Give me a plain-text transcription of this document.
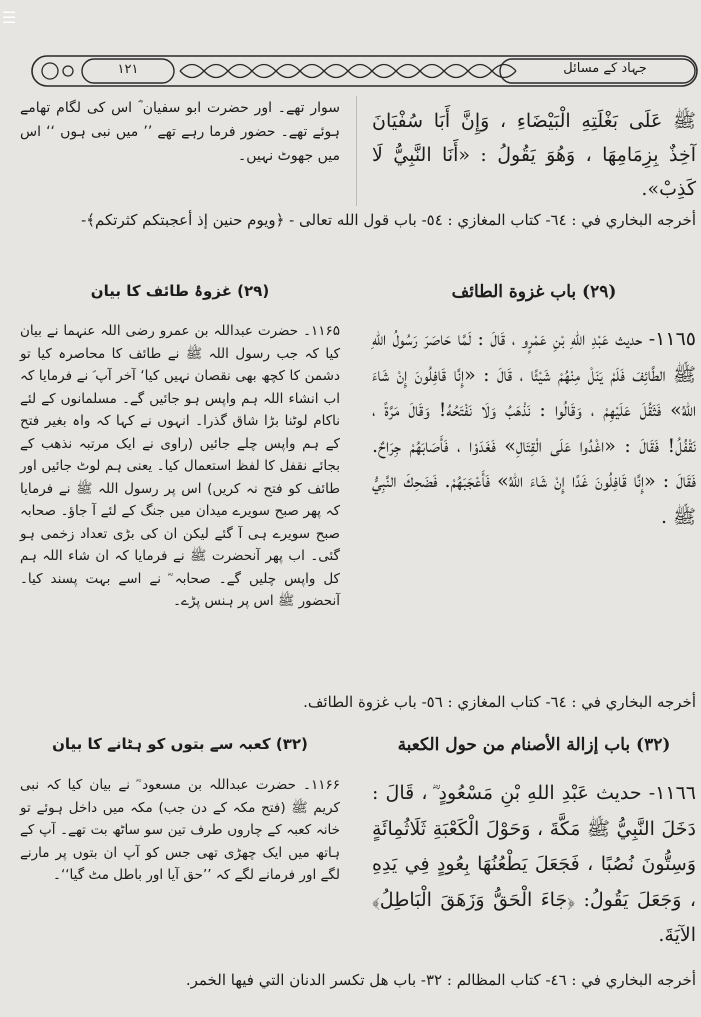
☰
١٢١	جہاد کے مسائل
ﷺ عَلَى بَغْلَتِهِ الْبَيْضَاءِ ، وَإِنَّ أَبَا سُفْيَانَ آخِذٌ بِزِمَامِهَا ، وَهُوَ يَقُولُ : «أَنَا النَّبِيُّ لَا كَذِبْ».
سوار تھے۔ اور حضرت ابو سفیان ؓ اس کی لگام تھامے ہوئے تھے۔ حضور فرما رہے تھے ’’ میں نبی ہوں ‘‘ اس میں جھوٹ نہیں۔
أخرجه البخاري في : ٦٤- كتاب المغازي : ٥٤- باب قول الله تعالى - ﴿ويوم حنين إذ أعجبتكم كثرتكم﴾-
(٢٩) باب غزوة الطائف
(۲۹) غزوۂ طائف کا بیان
١١٦٥- حديث عَبْدِ اللهِ بْنِ عَمْرٍو ، قَالَ : لَمَّا حَاصَرَ رَسُولُ اللهِ ﷺ الطَّائِفَ فَلَمْ يَنَلْ مِنْهُمْ شَيْئًا ، قَالَ : «إِنَّا قَافِلُونَ إِنْ شَاءَ اللهُ» فَثَقُلَ عَلَيْهِمْ ، وَقَالُوا : نَذْهَبُ وَلَا نَفْتَحُهُ! وَقَالَ مَرَّةً ، نَقْفُلُ! فَقَالَ : «اغْدُوا عَلَى الْقِتَالِ» فَغَدَوْا ، فَأَصَابَهُمْ جِرَاحٌ. فَقَالَ : «إِنَّا قَافِلُونَ غَدًا إِنْ شَاءَ اللهُ» فَأَعْجَبَهُمْ. فَضَحِكَ النَّبِيُّ ﷺ .
۱۱۶۵۔ حضرت عبداللہ بن عمرو رضی اللہ عنہما نے بیان کیا کہ جب رسول اللہ ﷺ نے طائف کا محاصرہ کیا تو دشمن کا کچھ بھی نقصان نہیں کیا‘ آخر آپ ؐ نے فرمایا کہ اب انشاء اللہ ہم واپس ہو جائیں گے۔ مسلمانوں کے لئے ناکام لوٹنا بڑا شاق گذرا۔ انہوں نے کہا کہ واہ بغیر فتح کے ہم واپس چلے جائیں (راوی نے ایک مرتبہ نذھب کے بجائے نقفل کا لفظ استعمال کیا۔ یعنی ہم لوٹ جائیں اور طائف کو فتح نہ کریں) اس پر رسول اللہ ﷺ نے فرمایا کہ پھر صبح سویرے میدان میں جنگ کے لئے آ جاؤ۔ صحابہ صبح سویرے ہی آ گئے لیکن ان کی بڑی تعداد زخمی ہو گئی۔ اب پھر آنحضرت ﷺ نے فرمایا کہ ان شاء اللہ ہم کل واپس چلیں گے۔ صحابہ ؓ نے اسے بہت پسند کیا۔ آنحضور ﷺ اس پر ہنس پڑے۔
أخرجه البخاري في : ٦٤- كتاب المغازي : ٥٦- باب غزوة الطائف.
(٣٢) باب إزالة الأصنام من حول الكعبة
(۳۲) کعبہ سے بتوں کو ہٹانے کا بیان
١١٦٦- حديث عَبْدِ اللهِ بْنِ مَسْعُودٍ ؓ ، قَالَ : دَخَلَ النَّبِيُّ ﷺ مَكَّةَ ، وَحَوْلَ الْكَعْبَةِ ثَلَاثُمِائَةٍ وَسِتُّونَ نُصُبًا ، فَجَعَلَ يَطْعُنُهَا بِعُودٍ فِي يَدِهِ ، وَجَعَلَ يَقُولُ: ﴿جَاءَ الْحَقُّ وَزَهَقَ الْبَاطِلُ﴾ الآيَةَ.
۱۱۶۶۔ حضرت عبداللہ بن مسعود ؓ نے بیان کیا کہ نبی کریم ﷺ (فتح مکہ کے دن جب) مکہ میں داخل ہوئے تو خانہ کعبہ کے چاروں طرف تین سو ساٹھ بت تھے۔ آپ کے ہاتھ میں ایک چھڑی تھی جس کو آپ ان بتوں پر مارنے لگے اور فرمانے لگے کہ ’’حق آیا اور باطل مٹ گیا‘‘۔
أخرجه البخاري في : ٤٦- كتاب المظالم : ٣٢- باب هل تكسر الدنان التي فيها الخمر.
